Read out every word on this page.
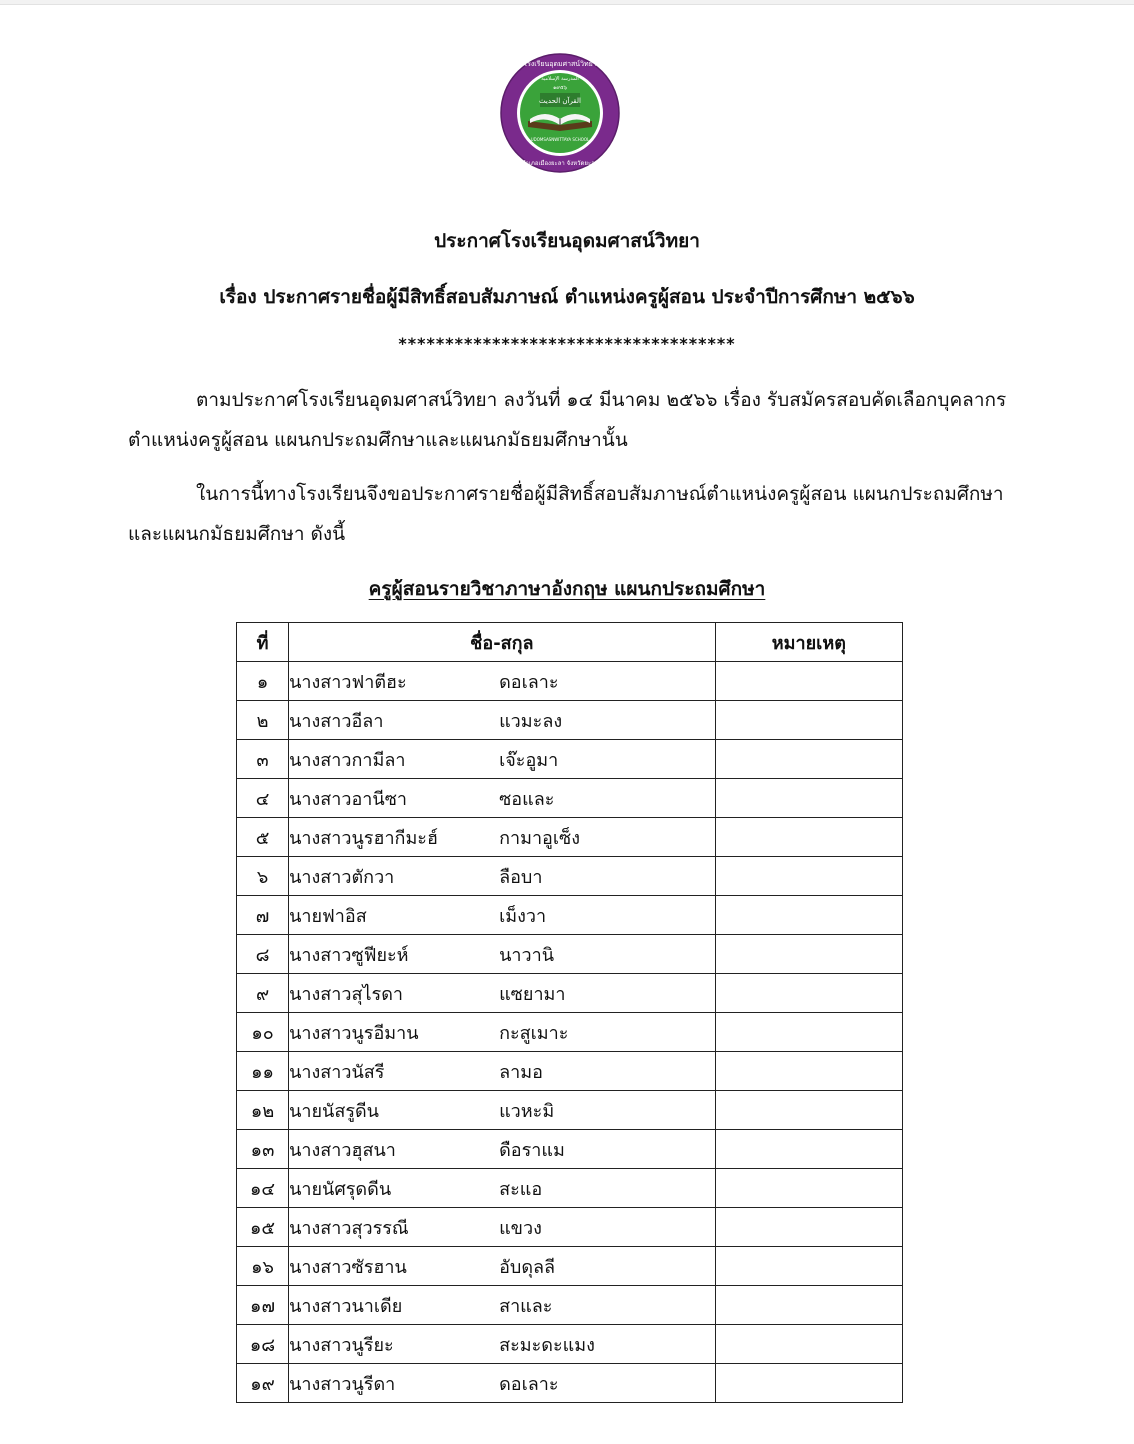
القرآن الحديث
๑๙๕๖
UDOMSASNWITTAYA SCHOOL
โรงเรียนอุดมศาสน์วิทยา
อำเภอเมืองยะลา จังหวัดยะลา
المدرسة الإسلامية
ประกาศโรงเรียนอุดมศาสน์วิทยา
เรื่อง ประกาศรายชื่อผู้มีสิทธิ์สอบสัมภาษณ์ ตำแหน่งครูผู้สอน ประจำปีการศึกษา ๒๕๖๖
************************************
ตามประกาศโรงเรียนอุดมศาสน์วิทยา ลงวันที่ ๑๔ มีนาคม ๒๕๖๖ เรื่อง รับสมัครสอบคัดเลือกบุคลากร
ตำแหน่งครูผู้สอน แผนกประถมศึกษาและแผนกมัธยมศึกษานั้น
ในการนี้ทางโรงเรียนจึงขอประกาศรายชื่อผู้มีสิทธิ์สอบสัมภาษณ์ตำแหน่งครูผู้สอน แผนกประถมศึกษา
และแผนกมัธยมศึกษา ดังนี้
ครูผู้สอนรายวิชาภาษาอังกฤษ แผนกประถมศึกษา
ที่	ชื่อ-สกุล	หมายเหตุ
๑	นางสาวฟาตีฮะ ดอเลาะ	
๒	นางสาวอีลา แวมะลง	
๓	นางสาวกามีลา เจ๊ะอูมา	
๔	นางสาวอานีซา ซอและ	
๕	นางสาวนูรฮากีมะฮ์ กามาอูเซ็ง	
๖	นางสาวตักวา ลือบา	
๗	นายฟาอิส เม็งวา	
๘	นางสาวซูฟียะห์ นาวานิ	
๙	นางสาวสุไรดา แซยามา	
๑๐	นางสาวนูรอีมาน กะสูเมาะ	
๑๑	นางสาวนัสรี ลามอ	
๑๒	นายนัสรูดีน แวหะมิ	
๑๓	นางสาวฮุสนา ดือราแม	
๑๔	นายนัศรุดดีน สะแอ	
๑๕	นางสาวสุวรรณี แขวง	
๑๖	นางสาวซัรฮาน อับดุลลี	
๑๗	นางสาวนาเดีย สาและ	
๑๘	นางสาวนูรียะ สะมะดะแมง	
๑๙	นางสาวนูรีดา ดอเลาะ	
